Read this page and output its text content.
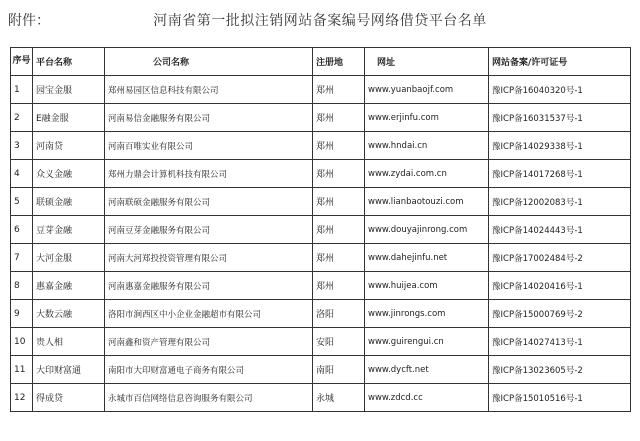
附件：	河南省第一批拟注销网站备案编号网络借贷平台名单
序号	平台名称	公司名称	注册地	网址	网站备案/许可证号
1	园宝金服	郑州易园区信息科技有限公司	郑州	www.yuanbaojf.com	豫ICP备16040320号-1
2	E融金服	河南易信金融服务有限公司	郑州	www.erjinfu.com	豫ICP备16031537号-1
3	河南贷	河南百唯实业有限公司	郑州	www.hndai.cn	豫ICP备14029338号-1
4	众义金融	郑州力鼎会计算机科技有限公司	郑州	www.zydai.com.cn	豫ICP备14017268号-1
5	联硕金融	河南联硕金融服务有限公司	郑州	www.lianbaotouzi.com	豫ICP备12002083号-1
6	豆芽金融	河南豆芽金融服务有限公司	郑州	www.douyajinrong.com	豫ICP备14024443号-1
7	大河金服	河南大河郑投投资管理有限公司	郑州	www.dahejinfu.net	豫ICP备17002484号-2
8	惠嘉金融	河南惠嘉金融服务有限公司	郑州	www.huijea.com	豫ICP备14020416号-1
9	大数云融	洛阳市涧西区中小企业金融超市有限公司	洛阳	www.jinrongs.com	豫ICP备15000769号-2
10	贵人相	河南鑫和资产管理有限公司	安阳	www.guirengui.cn	豫ICP备14027413号-1
11	大印财富通	南阳市大印财富通电子商务有限公司	南阳	www.dycft.net	豫ICP备13023605号-2
12	得成贷	永城市百信网络信息咨询服务有限公司	永城	www.zdcd.cc	豫ICP备15010516号-1
